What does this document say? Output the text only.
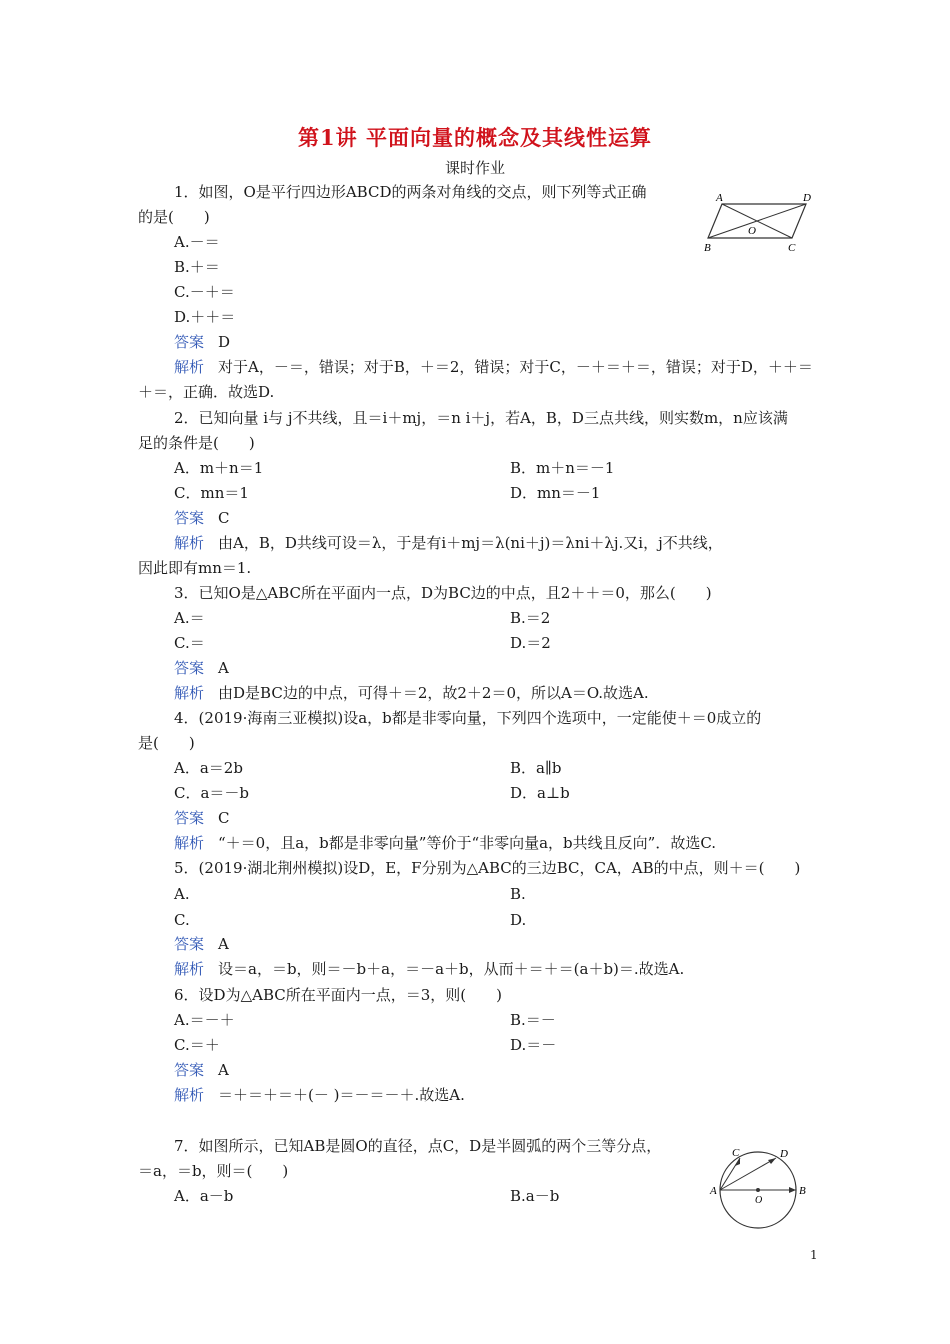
第1讲 平面向量的概念及其线性运算
课时作业
1．如图，O是平行四边形ABCD的两条对角线的交点，则下列等式正确
的是(　　)
A.－＝
B.＋＝
C.－＋＝
D.＋＋＝
答案 D
解析 对于A，－＝，错误；对于B，＋＝2，错误；对于C，－＋＝＋＝，错误；对于D，＋＋＝
＋＝，正确．故选D.
A	D
O
B	C
2．已知向量 i与 j不共线，且＝i＋mj，＝n i＋j，若A，B，D三点共线，则实数m，n应该满
足的条件是(　　)
A．m＋n＝1	B．m＋n＝－1
C．mn＝1	D．mn＝－1
答案 C
解析 由A，B，D共线可设＝λ，于是有i＋mj＝λ(ni＋j)＝λni＋λj.又i，j不共线，
因此即有mn＝1.
3．已知O是△ABC所在平面内一点，D为BC边的中点，且2＋＋＝0，那么(　　)
A.＝	B.＝2
C.＝	D.＝2
答案 A
解析 由D是BC边的中点，可得＋＝2，故2＋2＝0，所以A＝O.故选A.
4．(2019·海南三亚模拟)设a，b都是非零向量，下列四个选项中，一定能使＋＝0成立的
是(　　)
A．a＝2b	B．a∥b
C．a＝－b	D．a⊥b
答案 C
解析 “＋＝0，且a，b都是非零向量”等价于“非零向量a，b共线且反向”．故选C.
5．(2019·湖北荆州模拟)设D，E，F分别为△ABC的三边BC，CA，AB的中点，则＋＝(　　)
A.	B.
C.	D.
答案 A
解析 设＝a，＝b，则＝－b＋a，＝－a＋b，从而＋＝＋＝(a＋b)＝.故选A.
6．设D为△ABC所在平面内一点，＝3，则(　　)
A.＝－＋	B.＝－
C.＝＋	D.＝－
答案 A
解析 ＝＋＝＋＝＋(－ )＝－＝－＋.故选A.
7．如图所示，已知AB是圆O的直径，点C，D是半圆弧的两个三等分点，
＝a，＝b，则＝(　　)
A．a－b	B.a－b
C	D
A
O
B
1
